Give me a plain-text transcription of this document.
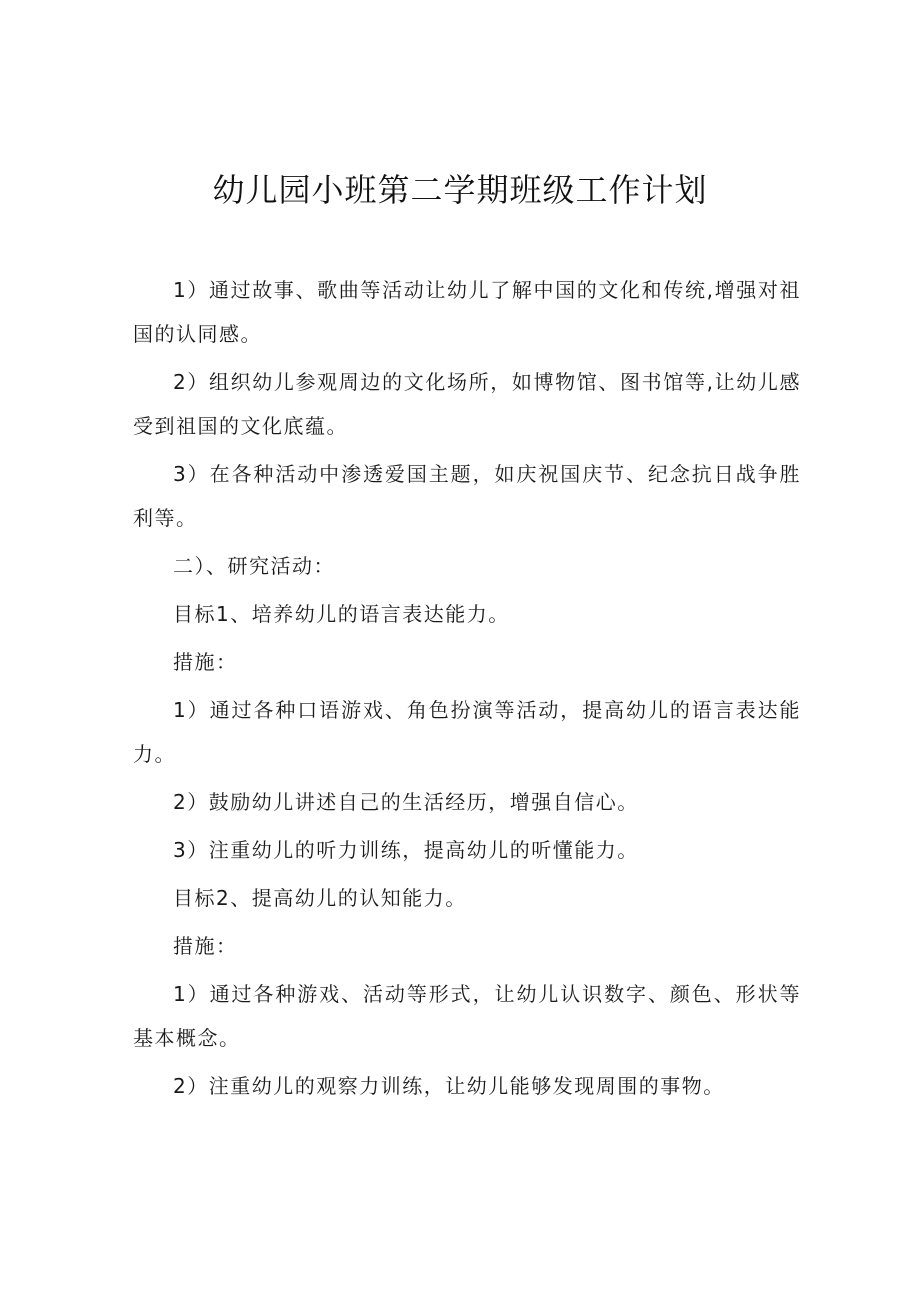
幼儿园小班第二学期班级工作计划

1）通过故事、歌曲等活动让幼儿了解中国的文化和传统,增强对祖国的认同感。

2）组织幼儿参观周边的文化场所，如博物馆、图书馆等,让幼儿感受到祖国的文化底蕴。

3）在各种活动中渗透爱国主题，如庆祝国庆节、纪念抗日战争胜利等。

二）、研究活动：

目标1、培养幼儿的语言表达能力。

措施：

1）通过各种口语游戏、角色扮演等活动，提高幼儿的语言表达能力。

2）鼓励幼儿讲述自己的生活经历，增强自信心。

3）注重幼儿的听力训练，提高幼儿的听懂能力。

目标2、提高幼儿的认知能力。

措施：

1）通过各种游戏、活动等形式，让幼儿认识数字、颜色、形状等基本概念。

2）注重幼儿的观察力训练，让幼儿能够发现周围的事物。
